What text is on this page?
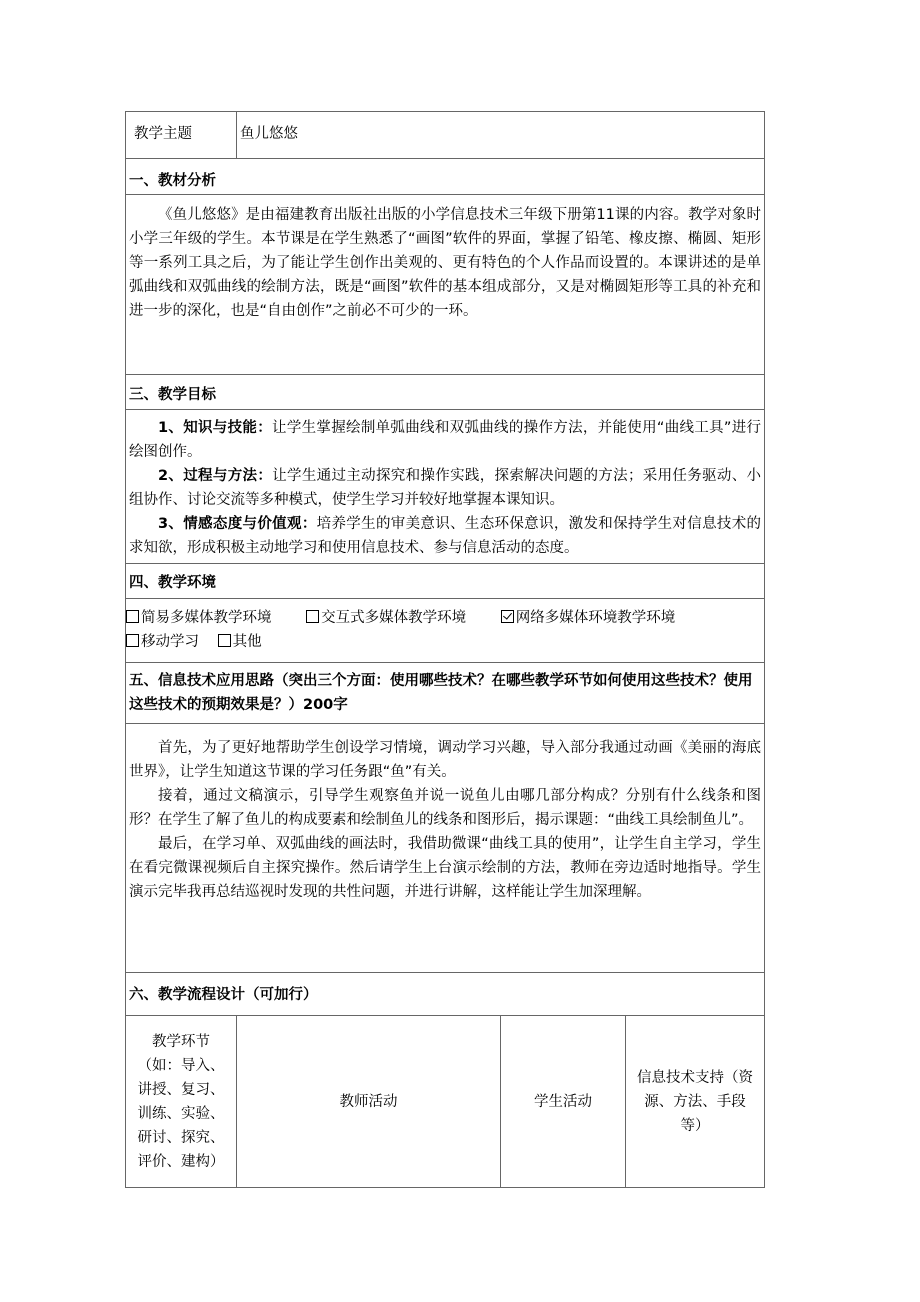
教学主题	鱼儿悠悠		
一、教材分析			

《鱼儿悠悠》是由福建教育出版社出版的小学信息技术三年级下册第11课的内容。教学对象时小学三年级的学生。本节课是在学生熟悉了“画图”软件的界面，掌握了铅笔、橡皮擦、椭圆、矩形等一系列工具之后，为了能让学生创作出美观的、更有特色的个人作品而设置的。本课讲述的是单弧曲线和双弧曲线的绘制方法，既是“画图”软件的基本组成部分，又是对椭圆矩形等工具的补充和进一步的深化，也是“自由创作”之前必不可少的一环。			

三、教学目标			

1、知识与技能：让学生掌握绘制单弧曲线和双弧曲线的操作方法，并能使用“曲线工具”进行绘图创作。

2、过程与方法：让学生通过主动探究和操作实践，探索解决问题的方法；采用任务驱动、小组协作、讨论交流等多种模式，使学生学习并较好地掌握本课知识。

3、情感态度与价值观：培养学生的审美意识、生态环保意识，激发和保持学生对信息技术的求知欲，形成积极主动地学习和使用信息技术、参与信息活动的态度。			

四、教学环境			

简易多媒体教学环境 交互式多媒体教学环境 网络多媒体环境教学环境
移动学习 其他			

五、信息技术应用思路（突出三个方面：使用哪些技术？在哪些教学环节如何使用这些技术？使用这些技术的预期效果是？）200字			

首先，为了更好地帮助学生创设学习情境，调动学习兴趣，导入部分我通过动画《美丽的海底世界》，让学生知道这节课的学习任务跟“鱼”有关。

接着，通过文稿演示，引导学生观察鱼并说一说鱼儿由哪几部分构成？分别有什么线条和图形？在学生了解了鱼儿的构成要素和绘制鱼儿的线条和图形后，揭示课题：“曲线工具绘制鱼儿”。

最后，在学习单、双弧曲线的画法时，我借助微课“曲线工具的使用”，让学生自主学习，学生在看完微课视频后自主探究操作。然后请学生上台演示绘制的方法，教师在旁边适时地指导。学生演示完毕我再总结巡视时发现的共性问题，并进行讲解，这样能让学生加深理解。			

六、教学流程设计（可加行）			
教学环节（如：导入、讲授、复习、训练、实验、研讨、探究、评价、建构）	教师活动	学生活动	信息技术支持（资源、方法、手段等）
